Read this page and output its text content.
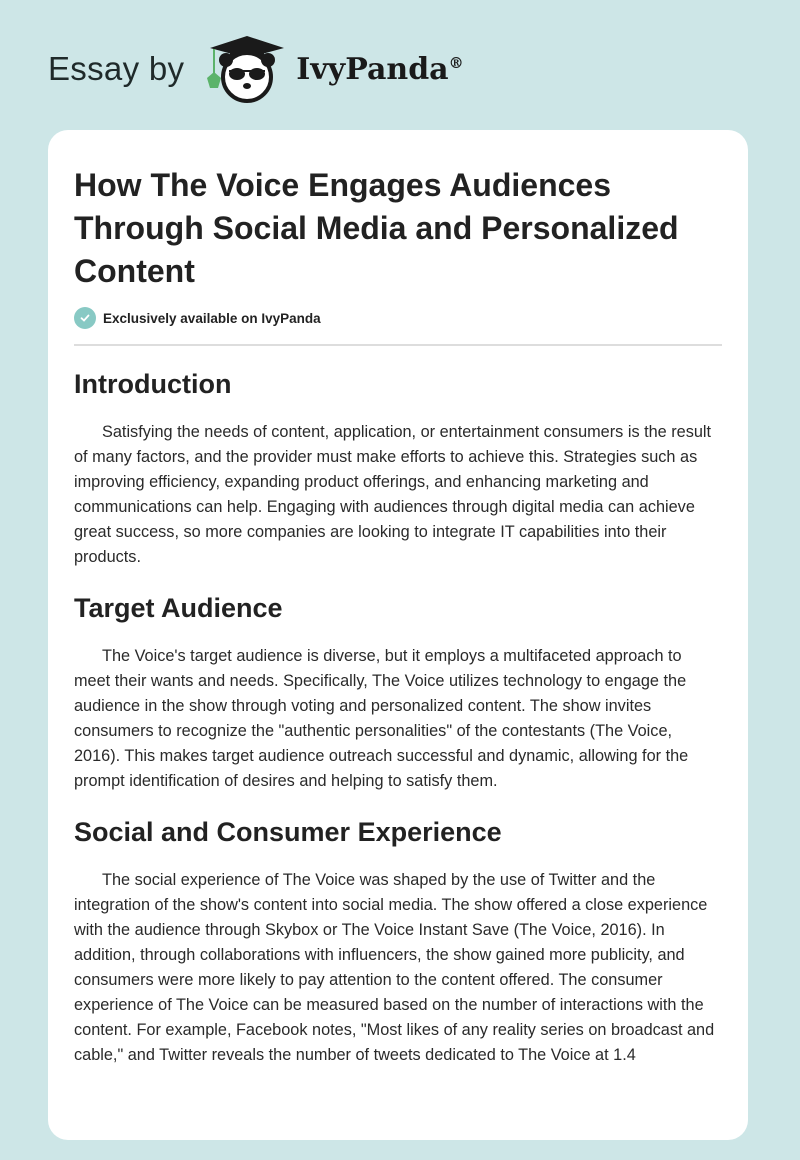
Essay by	IvyPanda®
How The Voice Engages Audiences Through Social Media and Personalized Content
Exclusively available on IvyPanda
Introduction

Satisfying the needs of content, application, or entertainment consumers is the result of many factors, and the provider must make efforts to achieve this. Strategies such as improving efficiency, expanding product offerings, and enhancing marketing and communications can help. Engaging with audiences through digital media can achieve great success, so more companies are looking to integrate IT capabilities into their products.

Target Audience

The Voice's target audience is diverse, but it employs a multifaceted approach to meet their wants and needs. Specifically, The Voice utilizes technology to engage the audience in the show through voting and personalized content. The show invites consumers to recognize the "authentic personalities" of the contestants (The Voice, 2016). This makes target audience outreach successful and dynamic, allowing for the prompt identification of desires and helping to satisfy them.

Social and Consumer Experience

The social experience of The Voice was shaped by the use of Twitter and the integration of the show's content into social media. The show offered a close experience with the audience through Skybox or The Voice Instant Save (The Voice, 2016). In addition, through collaborations with influencers, the show gained more publicity, and consumers were more likely to pay attention to the content offered. The consumer experience of The Voice can be measured based on the number of interactions with the content. For example, Facebook notes, "Most likes of any reality series on broadcast and cable," and Twitter reveals the number of tweets dedicated to The Voice at 1.4
